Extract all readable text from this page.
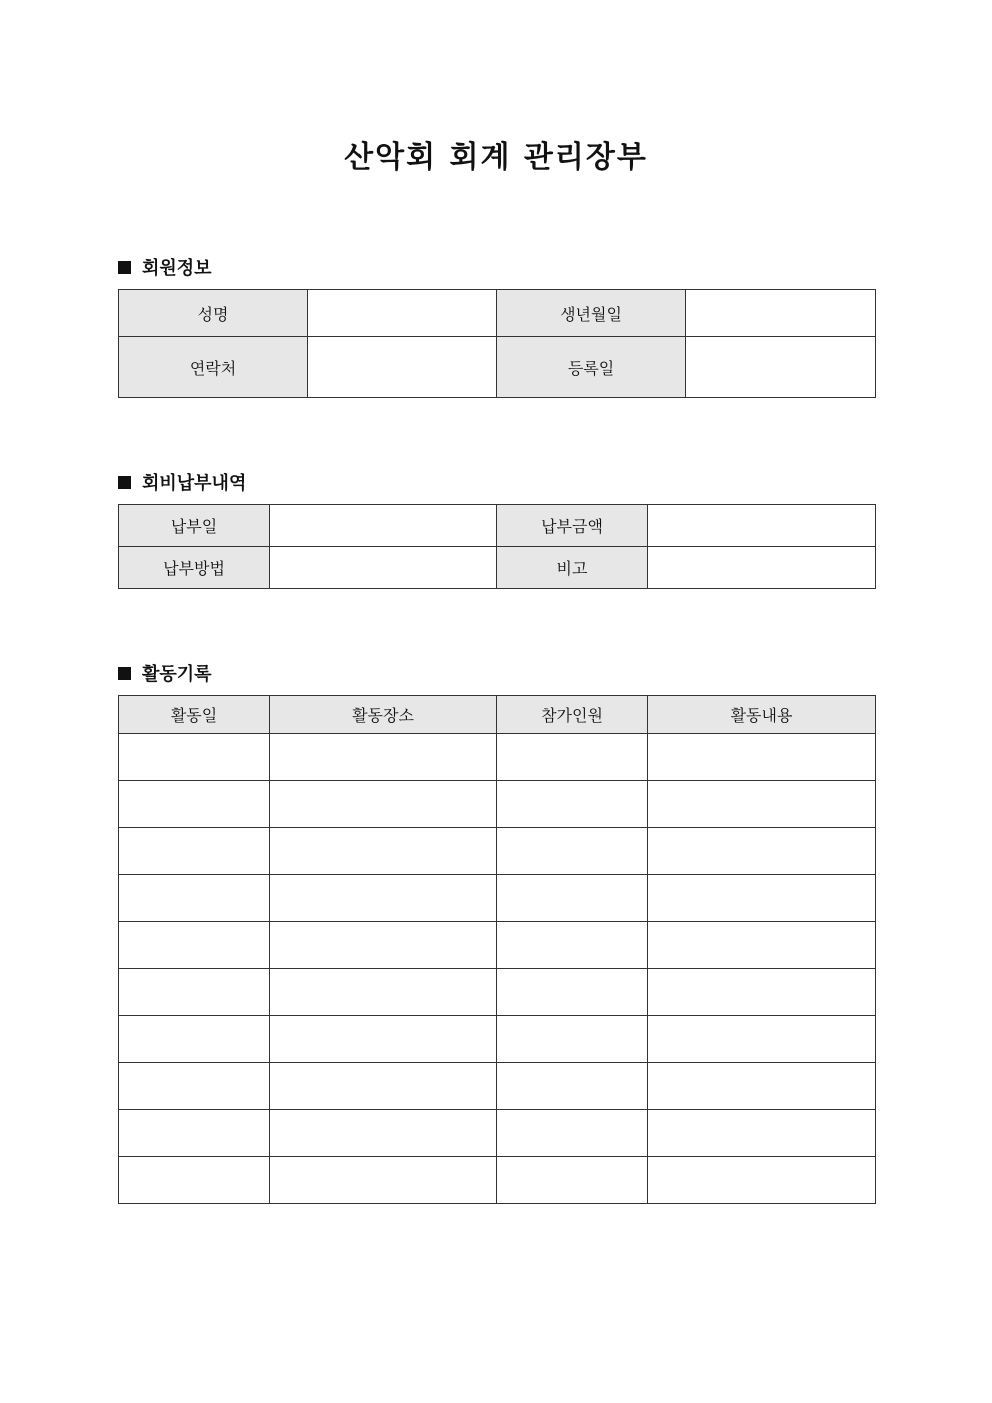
산악회 회계 관리장부
회원정보
성명		생년월일	
연락처		등록일	
회비납부내역
납부일		납부금액	
납부방법		비고	
활동기록
활동일	활동장소	참가인원	활동내용
